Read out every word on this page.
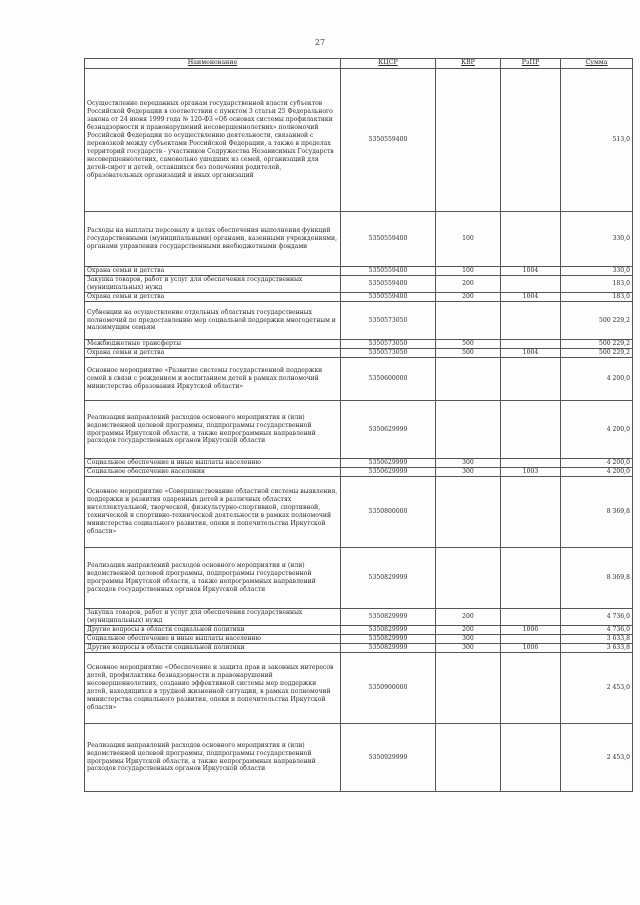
27
Наименование	КЦСР	КВР	РзПР	Сумма
Осуществление переданных органам государственной власти субъектов Российской Федерации в соответствии с пунктом 3 статьи 25 Федерального закона от 24 июня 1999 года № 120-ФЗ «Об основах системы профилактики безнадзорности и правонарушений несовершеннолетних» полномочий Российской Федерации по осуществлению деятельности, связанной с перевозкой между субъектами Российской Федерации, а также в пределах территорий государств - участников Содружества Независимых Государств несовершеннолетних, самовольно ушедших из семей, организаций для детей-сирот и детей, оставшихся без попечения родителей, образовательных организаций и иных организаций	5350559400			513,0
Расходы на выплаты персоналу в целях обеспечения выполнения функций государственными (муниципальными) органами, казенными учреждениями, органами управления государственными внебюджетными фондами	5350559400	100		330,0
Охрана семьи и детства	5350559400	100	1004	330,0
Закупка товаров, работ и услуг для обеспечения государственных (муниципальных) нужд	5350559400	200		183,0
Охрана семьи и детства	5350559400	200	1004	183,0
Субвенции на осуществление отдельных областных государственных полномочий по предоставлению мер социальной поддержки многодетным и малоимущим семьям	5350573050			500 229,2
Межбюджетные трансферты	5350573050	500		500 229,2
Охрана семьи и детства	5350573050	500	1004	500 229,2
Основное мероприятие «Развитие системы государственной поддержки семей в связи с рождением и воспитанием детей в рамках полномочий министерства образования Иркутской области»	5350600000			4 200,0
Реализация направлений расходов основного мероприятия и (или) ведомственной целевой программы, подпрограммы государственной программы Иркутской области, а также непрограммных направлений расходов государственных органов Иркутской области	5350629999			4 200,0
Социальное обеспечение и иные выплаты населению	5350629999	300		4 200,0
Социальное обеспечение населения	5350629999	300	1003	4 200,0
Основное мероприятие «Совершенствование областной системы выявления, поддержки и развития одаренных детей в различных областях интеллектуальной, творческой, физкультурно-спортивной, спортивной, технической и спортивно-технической деятельности в рамках полномочий министерства социального развития, опеки и попечительства Иркутской области»	5350800000			8 369,8
Реализация направлений расходов основного мероприятия и (или) ведомственной целевой программы, подпрограммы государственной программы Иркутской области, а также непрограммных направлений расходов государственных органов Иркутской области	5350829999			8 369,8
Закупка товаров, работ и услуг для обеспечения государственных (муниципальных) нужд	5350829999	200		4 736,0
Другие вопросы в области социальной политики	5350829999	200	1006	4 736,0
Социальное обеспечение и иные выплаты населению	5350829999	300		3 633,8
Другие вопросы в области социальной политики	5350829999	300	1006	3 633,8
Основное мероприятие «Обеспечение и защита прав и законных интересов детей, профилактика безнадзорности и правонарушений несовершеннолетних, создание эффективной системы мер поддержки детей, находящихся в трудной жизненной ситуации, в рамках полномочий министерства социального развития, опеки и попечительства Иркутской области»	5350900000			2 453,0
Реализация направлений расходов основного мероприятия и (или) ведомственной целевой программы, подпрограммы государственной программы Иркутской области, а также непрограммных направлений расходов государственных органов Иркутской области	5350929999			2 453,0
